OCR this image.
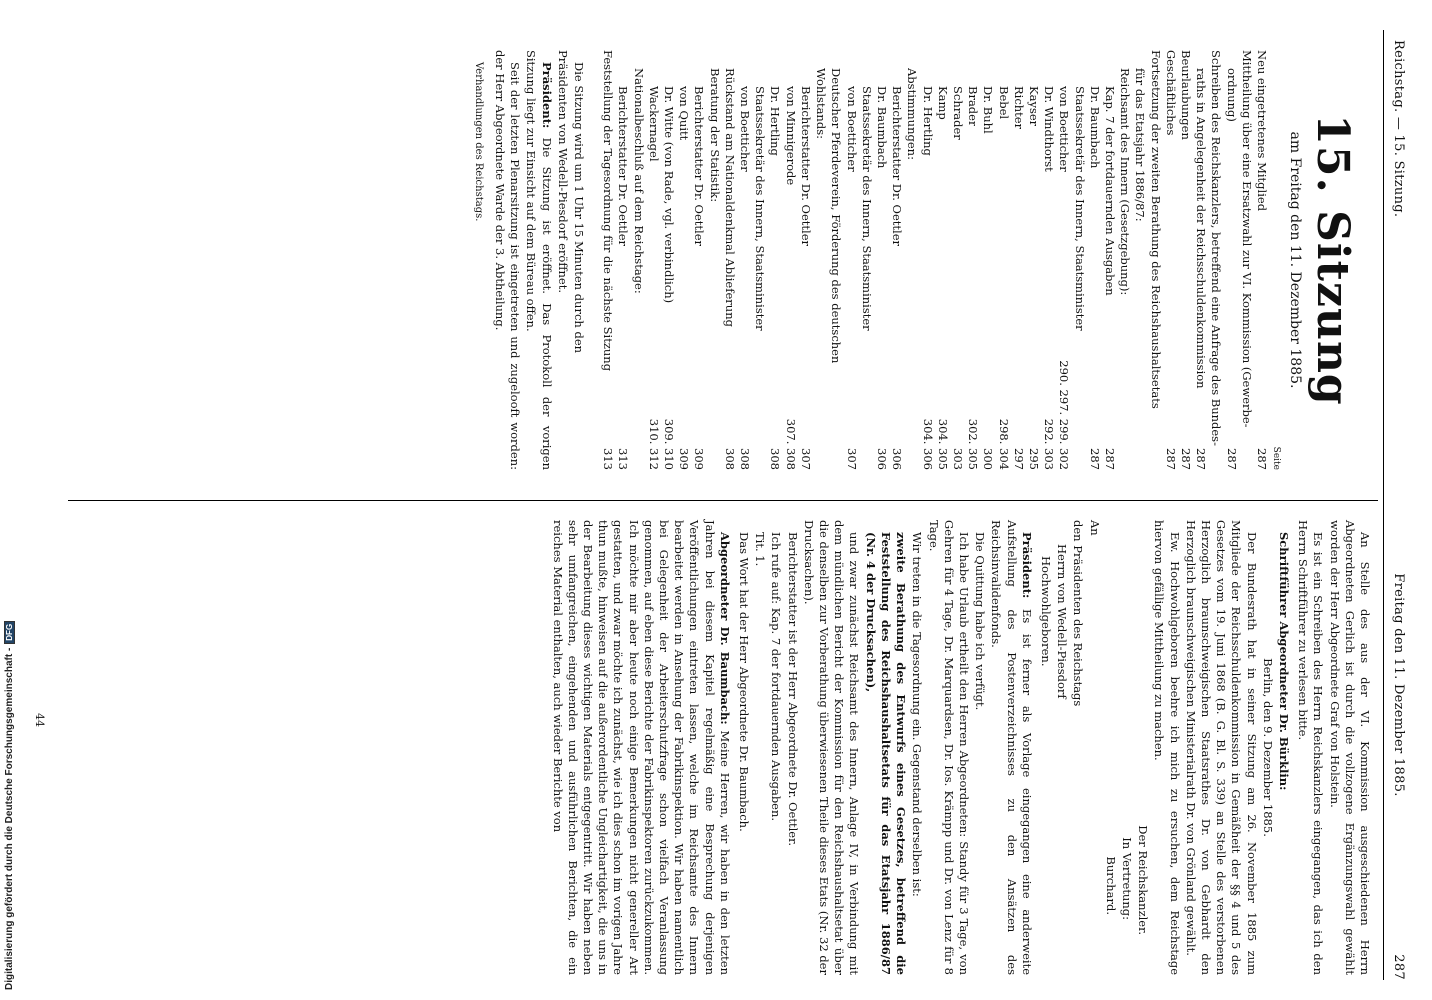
Reichstag. — 15. Sitzung.
Freitag den 11. Dezember 1885.
287
15. Sitzung
am Freitag den 11. Dezember 1885.
Seite
Neu eingetretenes Mitglied
287
Mittheilung über eine Ersatzwahl zur VI. Kommission (Gewerbe-
ordnung)
287
Schreiben des Reichskanzlers, betreffend eine Anfrage des Bundes-
raths in Angelegenheit der Reichsschuldenkommission
287
Beurlaubungen
287
Geschäftliches
287
Fortsetzung der zweiten Berathung des Reichshaushaltsetats
für das Etatsjahr 1886/87:
Reichsamt des Innern (Gesetzgebung):
Kap. 7 der fortdauernden Ausgaben
287
Dr. Baumbach
287
Staatssekretär des Innern, Staatsminister
von Boetticher
290. 297. 299. 302
Dr. Windthorst
292. 303
Kayser
295
Richter
297
Bebel
298. 304
Dr. Buhl
300
Brader
302. 305
Schrader
303
Kamp
304. 305
Dr. Hertling
304. 306
Abstimmungen:
Berichterstatter Dr. Oettler
306
Dr. Baumbach
306
Staatssekretär des Innern, Staatsminister
von Boetticher
307
Deutscher Pferdeverein, Förderung des deutschen
Wohlstands:
Berichterstatter Dr. Oettler
307
von Minnigerode
307. 308
Dr. Hertling
308
Staatssekretär des Innern, Staatsminister
von Boetticher
308
Rückstand am Nationaldenkmal Ablieferung
308
Beratung der Statistik:
Berichterstatter Dr. Oettler
309
von Quitt
309
Dr. Witte (von Rade, vgl. verbindlich)
309. 310
Wackernagel
310. 312
Nationalbeschluß auf dem Reichstage:
Berichterstatter Dr. Oettler
313
Feststellung der Tagesordnung für die nächste Sitzung
313

Die Sitzung wird um 1 Uhr 15 Minuten durch den

Präsidenten von Wedell-Piesdorf eröffnet.

Präsident: Die Sitzung ist eröffnet. Das Protokoll der vorigen Sitzung liegt zur Einsicht auf dem Büreau offen.

Seit der letzten Plenarsitzung ist eingetreten und zugelooft worden: der Herr Abgeordnete Warde der 3. Abtheilung.

Verhandlungen des Reichstags.

An Stelle des aus der VI. Kommission ausgeschiedenen Herrn Abgeordneten Gerlich ist durch die vollzogene Ergänzungswahl gewählt worden der Herr Abgeordnete Graf von Holstein.

Es ist ein Schreiben des Herrn Reichskanzlers eingegangen, das ich den Herrn Schriftführer zu verlesen bitte.

Schriftführer Abgeordneter Dr. Bürklin:

Berlin, den 9. Dezember 1885.

Der Bundesrath hat in seiner Sitzung am 26. November 1885 zum Mitgliede der Reichsschuldenkommission in Gemäßheit der §§ 4 und 5 des Gesetzes vom 19. Juni 1868 (B. G. Bl. S. 339) an Stelle des verstorbenen Herzoglich braunschweigischen Staatsrathes Dr. von Gebhardt den Herzoglich braunschweigischen Ministerialrath Dr. von Grönland gewählt.

Ew. Hochwohlgeboren beehre ich mich zu ersuchen, dem Reichstage hiervon gefällige Mittheilung zu machen.

Der Reichskanzler.

In Vertretung:

Burchard.

An

den Präsidenten des Reichstags

Herrn von Wedell-Piesdorf

Hochwohlgeboren.

Präsident: Es ist ferner als Vorlage eingegangen eine anderweite Aufstellung des Postenverzeichnisses zu den Ansätzen des Reichsinvalidenfonds.

Die Quittung habe ich verfügt.

Ich habe Urlaub ertheilt den Herren Abgeordneten: Standy für 3 Tage, von Gehren für 4 Tage, Dr. Marquardsen, Dr. Ios. Krämpp und Dr. von Lenz für 8 Tage.

Wir treten in die Tagesordnung ein. Gegenstand derselben ist:

zweite Berathung des Entwurfs eines Gesetzes, betreffend die Feststellung des Reichshaushaltsetats für das Etatsjahr 1886/87 (Nr. 4 der Drucksachen),

und zwar zunächst Reichsamt des Innern, Anlage IV, in Verbindung mit dem mündlichen Bericht der Kommission für den Reichshaushaltsetat über die denselben zur Vorberathung überwiesenen Theile dieses Etats (Nr. 32 der Drucksachen).

Berichterstatter ist der Herr Abgeordnete Dr. Oettler.

Ich rufe auf: Kap. 7 der fortdauernden Ausgaben.

Tit. 1.

Das Wort hat der Herr Abgeordnete Dr. Baumbach.

Abgeordneter Dr. Baumbach: Meine Herren, wir haben in den letzten Jahren bei diesem Kapitel regelmäßig eine Besprechung derjenigen Veröffentlichungen eintreten lassen, welche im Reichsamte des Innern bearbeitet werden in Ansehung der Fabrikinspektion. Wir haben namentlich bei Gelegenheit der Arbeiterschutzfrage schon vielfach Veranlassung genommen, auf eben diese Berichte der Fabrikinspektoren zurückzukommen. Ich möchte mir aber heute noch einige Bemerkungen nicht genereller Art gestatten, und zwar möchte ich zunächst, wie ich dies schon im vorigen Jahre thun mußte, hinweisen auf die außerordentliche Ungleichartigkeit, die uns in der Bearbeitung dieses wichtigen Materials entgegentritt. Wir haben neben sehr umfangreichen, eingehenden und ausführlichen Berichten, die ein reiches Material enthalten, auch wieder Berichte von

44
Digitalisierung gefördert durch die Deutsche Forschungsgemeinschaft -DFG
